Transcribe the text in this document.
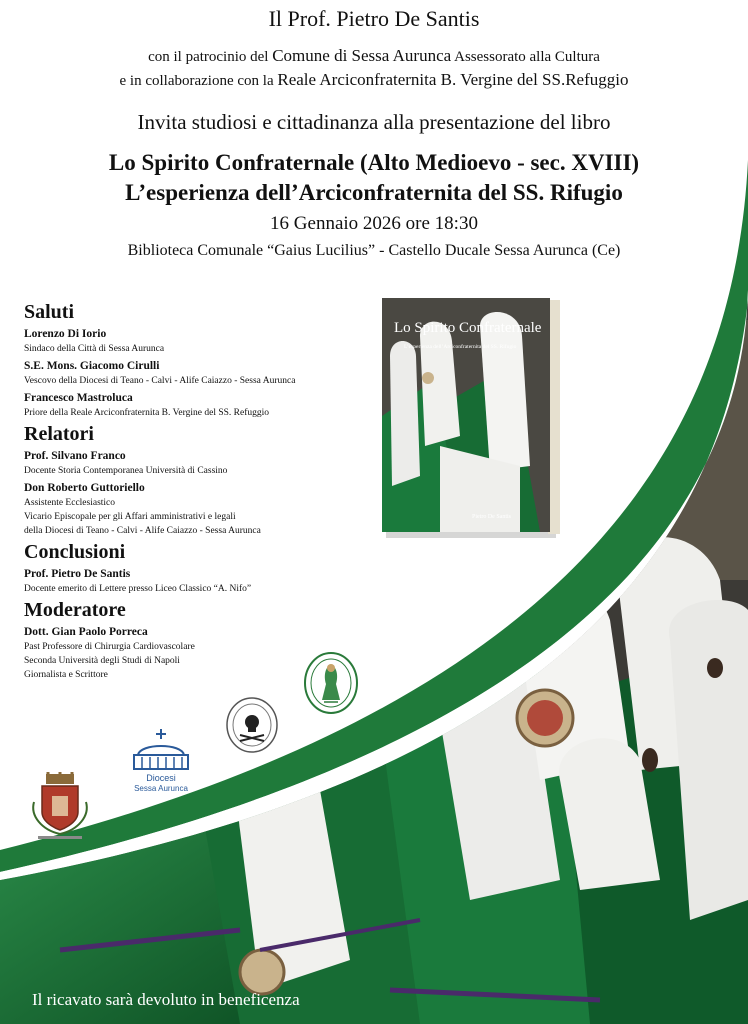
Il Prof. Pietro De Santis
con il patrocinio del Comune di Sessa Aurunca Assessorato alla Cultura
e in collaborazione con la Reale Arciconfraternita B. Vergine del SS.Refuggio
Invita studiosi e cittadinanza alla presentazione del libro
Lo Spirito Confraternale (Alto Medioevo - sec. XVIII)
L’esperienza dell’Arciconfraternita del SS. Rifugio
16 Gennaio 2026 ore 18:30
Biblioteca Comunale “Gaius Lucilius” - Castello Ducale Sessa Aurunca (Ce)
Saluti
Lorenzo Di Iorio
Sindaco della Città di Sessa Aurunca
S.E. Mons. Giacomo Cirulli
Vescovo della Diocesi di Teano - Calvi - Alife Caiazzo - Sessa Aurunca
Francesco Mastroluca
Priore della Reale Arciconfraternita B. Vergine del SS. Refuggio
Relatori
Prof. Silvano Franco
Docente Storia Contemporanea Università di Cassino
Don Roberto Guttoriello
Assistente Ecclesiastico
Vicario Episcopale per gli Affari amministrativi e legali
della Diocesi di Teano - Calvi - Alife Caiazzo - Sessa Aurunca
Conclusioni
Prof. Pietro De Santis
Docente emerito di Lettere presso Liceo Classico “A. Nifo”
Moderatore
Dott. Gian Paolo Porreca
Past Professore di Chirurgia Cardiovascolare
Seconda Università degli Studi di Napoli
Giornalista e Scrittore
Lo Spirito Confraternale
L’esperienza dell’Arciconfraternita del SS. Rifugio
Pietro De Santis
Diocesi
Sessa Aurunca
Il ricavato sarà devoluto in beneficenza
